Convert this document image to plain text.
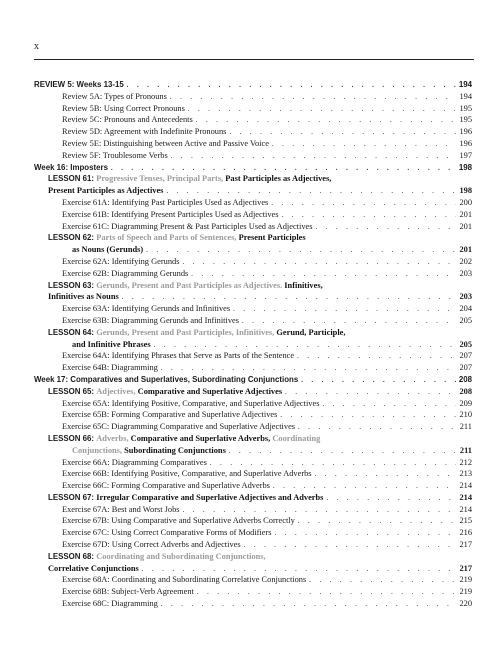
x
REVIEW 5: Weeks 13-15 . . .	194
Review 5A: Types of Pronouns . . .	194
Review 5B: Using Correct Pronouns . . .	195
Review 5C: Pronouns and Antecedents . . .	195
Review 5D: Agreement with Indefinite Pronouns . . .	196
Review 5E: Distinguishing between Active and Passive Voice . . .	196
Review 5F: Troublesome Verbs . . .	197
Week 16: Imposters . . .	198
LESSON 61: Progressive Tenses, Principal Parts, Past Participles as Adjectives,
Present Participles as Adjectives . . .	198
Exercise 61A: Identifying Past Participles Used as Adjectives . . .	200
Exercise 61B: Identifying Present Participles Used as Adjectives . . .	201
Exercise 61C: Diagramming Present & Past Participles Used as Adjectives . . .	201
LESSON 62: Parts of Speech and Parts of Sentences, Present Participles
as Nouns (Gerunds) . . .	201
Exercise 62A: Identifying Gerunds . . .	202
Exercise 62B: Diagramming Gerunds . . .	203
LESSON 63: Gerunds, Present and Past Participles as Adjectives. Infinitives,
Infinitives as Nouns . . .	203
Exercise 63A: Identifying Gerunds and Infinitives . . .	204
Exercise 63B: Diagramming Gerunds and Infinitives . . .	205
LESSON 64: Gerunds, Present and Past Participles, Infinitives, Gerund, Participle,
and Infinitive Phrases . . .	205
Exercise 64A: Identifying Phrases that Serve as Parts of the Sentence . . .	207
Exercise 64B: Diagramming . . .	207
Week 17: Comparatives and Superlatives, Subordinating Conjunctions . . .	208
LESSON 65: Adjectives, Comparative and Superlative Adjectives . . .	208
Exercise 65A: Identifying Positive, Comparative, and Superlative Adjectives . . .	209
Exercise 65B: Forming Comparative and Superlative Adjectives . . .	210
Exercise 65C: Diagramming Comparative and Superlative Adjectives . . .	211
LESSON 66: Adverbs, Comparative and Superlative Adverbs, Coordinating
Conjunctions, Subordinating Conjunctions . . .	211
Exercise 66A: Diagramming Comparatives . . .	212
Exercise 66B: Identifying Positive, Comparative, and Superlative Adverbs . . .	213
Exercise 66C: Forming Comparative and Superlative Adverbs . . .	214
LESSON 67: Irregular Comparative and Superlative Adjectives and Adverbs . . .	214
Exercise 67A: Best and Worst Jobs . . .	214
Exercise 67B: Using Comparative and Superlative Adverbs Correctly . . .	215
Exercise 67C: Using Correct Comparative Forms of Modifiers . . .	216
Exercise 67D: Using Correct Adverbs and Adjectives . . .	217
LESSON 68: Coordinating and Subordinating Conjunctions,
Correlative Conjunctions . . .	217
Exercise 68A: Coordinating and Subordinating Correlative Conjunctions . . .	219
Exercise 68B: Subject-Verb Agreement . . .	219
Exercise 68C: Diagramming . . .	220
